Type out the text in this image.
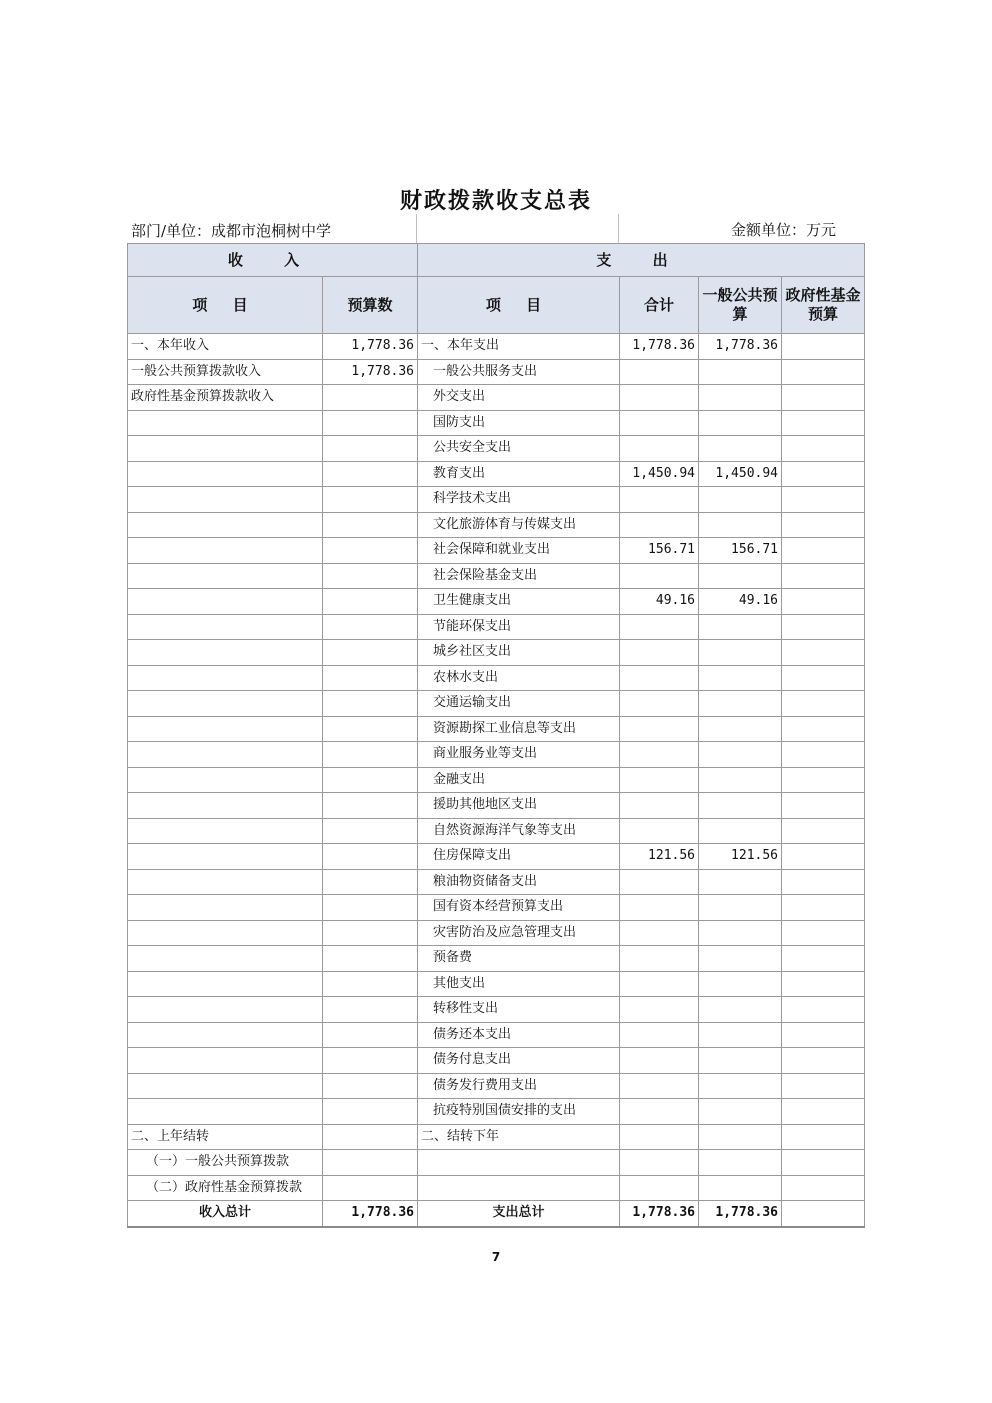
财政拨款收支总表
部门/单位：成都市泡桐树中学	金额单位：万元
收 入		支 出			
项 目	预算数	项 目	合计	一般公共预算	政府性基金预算
一、本年收入	1,778.36	一、本年支出	1,778.36	1,778.36	
一般公共预算拨款收入	1,778.36	一般公共服务支出			
政府性基金预算拨款收入		外交支出			
		国防支出			
		公共安全支出			
		教育支出	1,450.94	1,450.94	
		科学技术支出			
		文化旅游体育与传媒支出			
		社会保障和就业支出	156.71	156.71	
		社会保险基金支出			
		卫生健康支出	49.16	49.16	
		节能环保支出			
		城乡社区支出			
		农林水支出			
		交通运输支出			
		资源勘探工业信息等支出			
		商业服务业等支出			
		金融支出			
		援助其他地区支出			
		自然资源海洋气象等支出			
		住房保障支出	121.56	121.56	
		粮油物资储备支出			
		国有资本经营预算支出			
		灾害防治及应急管理支出			
		预备费			
		其他支出			
		转移性支出			
		债务还本支出			
		债务付息支出			
		债务发行费用支出			
		抗疫特别国债安排的支出			
二、上年结转		二、结转下年			
（一）一般公共预算拨款					
（二）政府性基金预算拨款					
收入总计	1,778.36	支出总计	1,778.36	1,778.36	
7
